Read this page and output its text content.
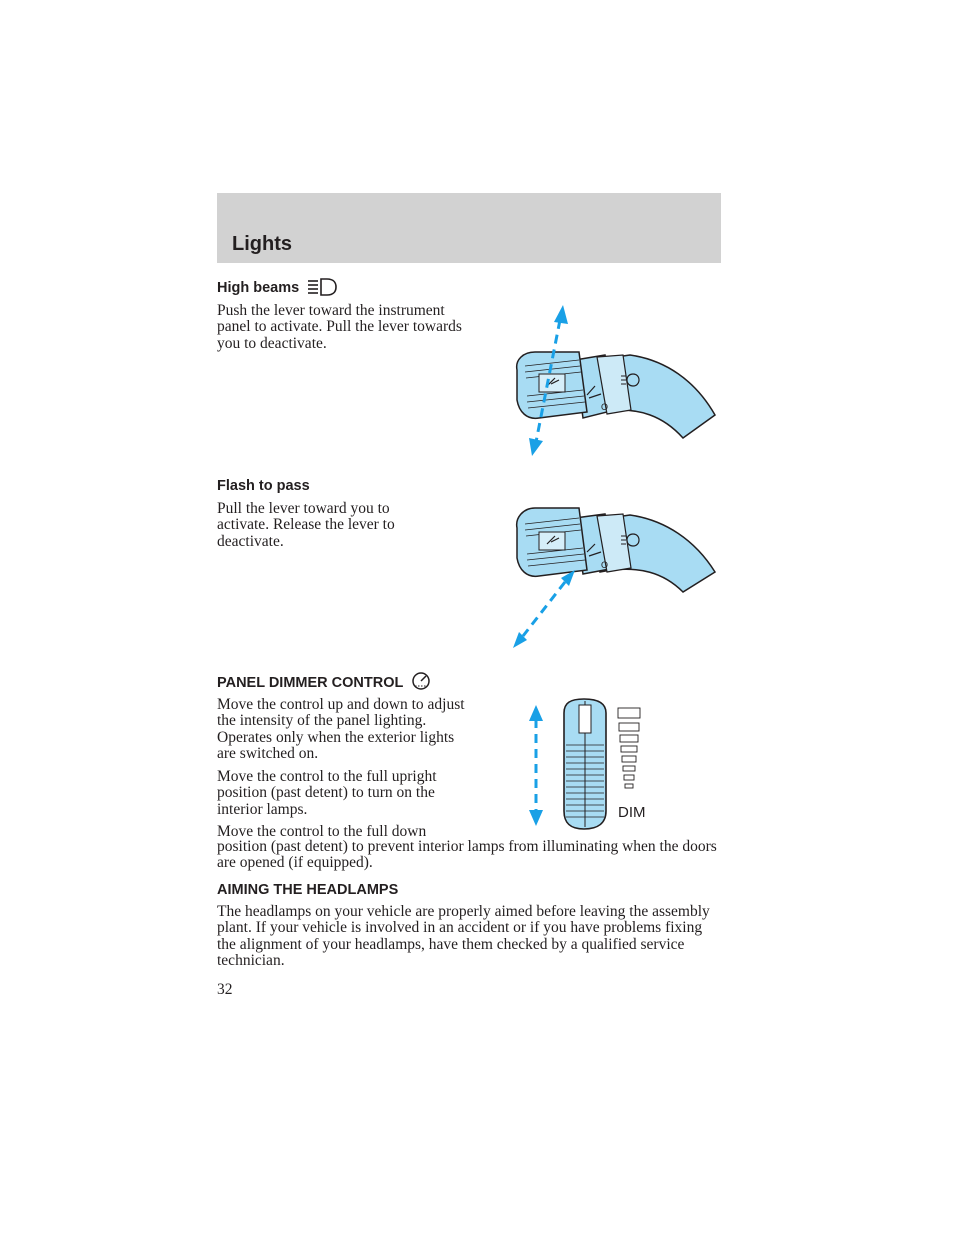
Lights
High beams
Push the lever toward the instrument panel to activate. Pull the lever towards you to deactivate.
O
Flash to pass
Pull the lever toward you to activate. Release the lever to deactivate.
O
PANEL DIMMER CONTROL
Move the control up and down to adjust the intensity of the panel lighting. Operates only when the exterior lights are switched on.
Move the control to the full upright position (past detent) to turn on the interior lamps.
Move the control to the full down
position (past detent) to prevent interior lamps from illuminating when the doors are opened (if equipped).
DIM
AIMING THE HEADLAMPS
The headlamps on your vehicle are properly aimed before leaving the assembly plant. If your vehicle is involved in an accident or if you have problems fixing the alignment of your headlamps, have them checked by a qualified service technician.
32
